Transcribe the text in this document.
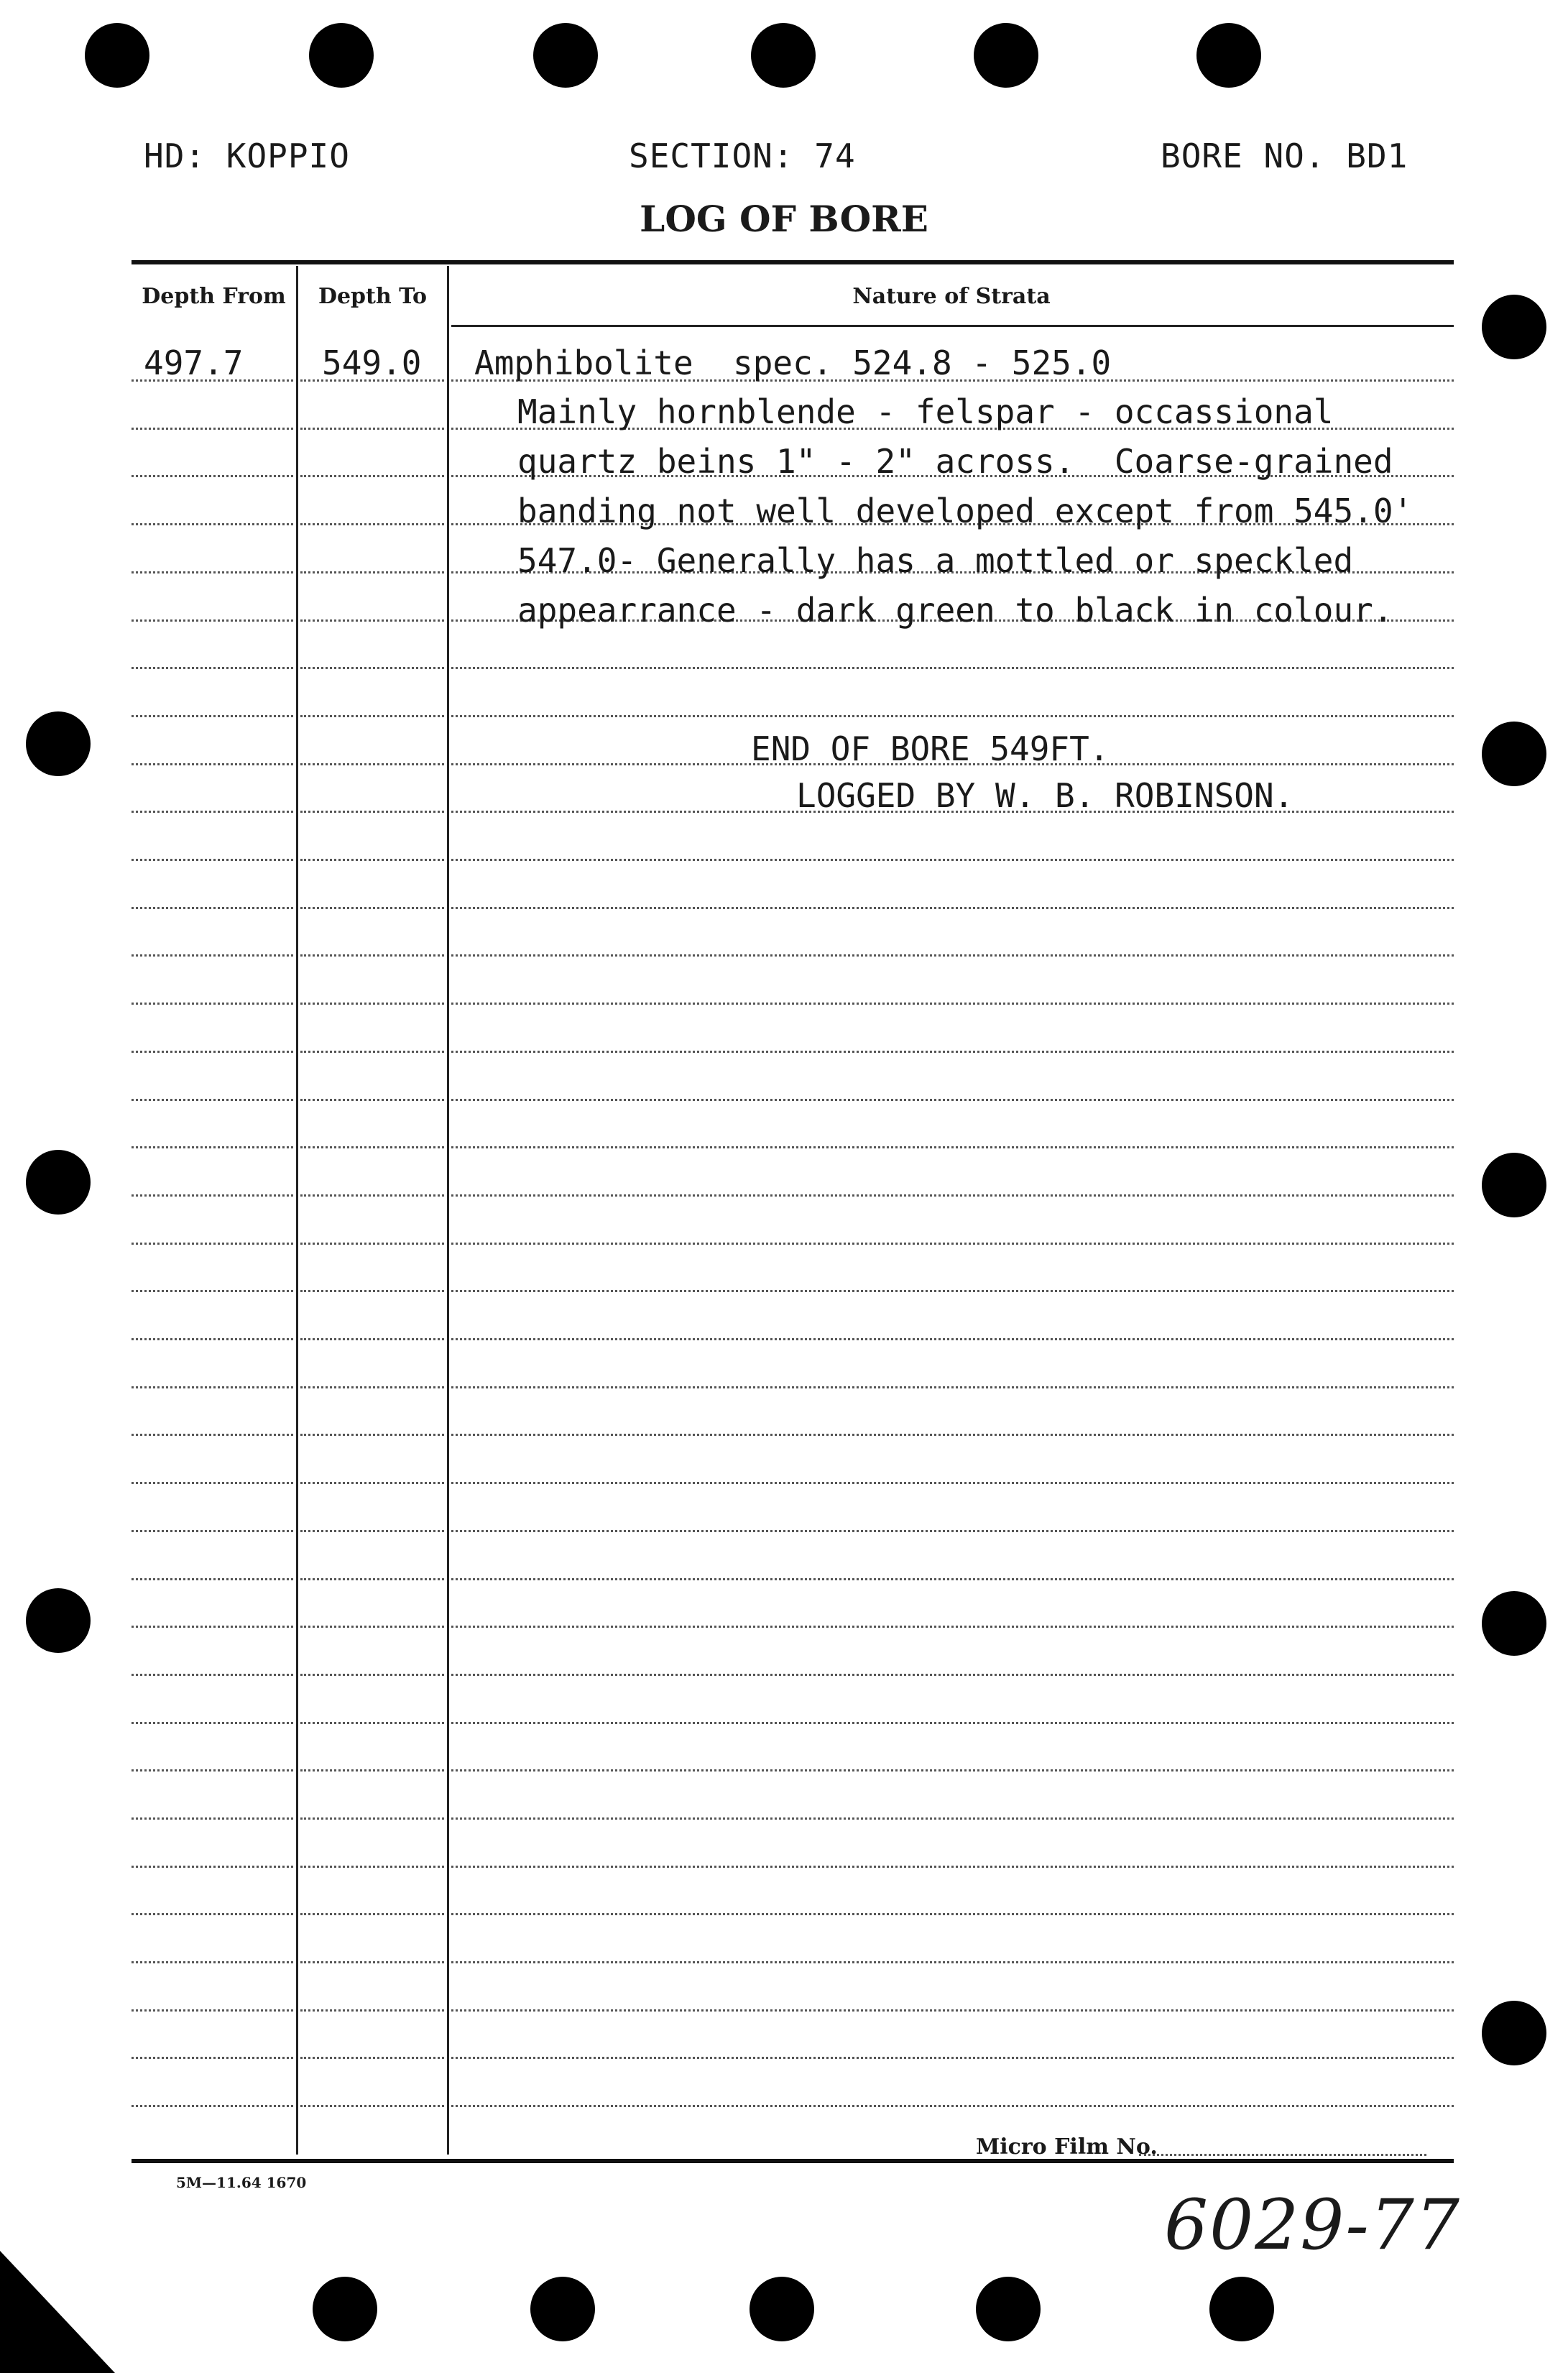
HD: KOPPIO	SECTION: 74	BORE NO. BD1
LOG OF BORE
Depth From	Depth To	Nature of Strata
497.7 549.0 Amphibolite  spec. 524.8 - 525.0
Mainly hornblende - felspar - occassional
quartz beins 1" - 2" across.  Coarse-grained
banding not well developed except from 545.0'
547.0- Generally has a mottled or speckled
appearrance - dark green to black in colour.
END OF BORE 549FT.
LOGGED BY W. B. ROBINSON.
Micro Film No.
5M—11.64 1670
6029-77
